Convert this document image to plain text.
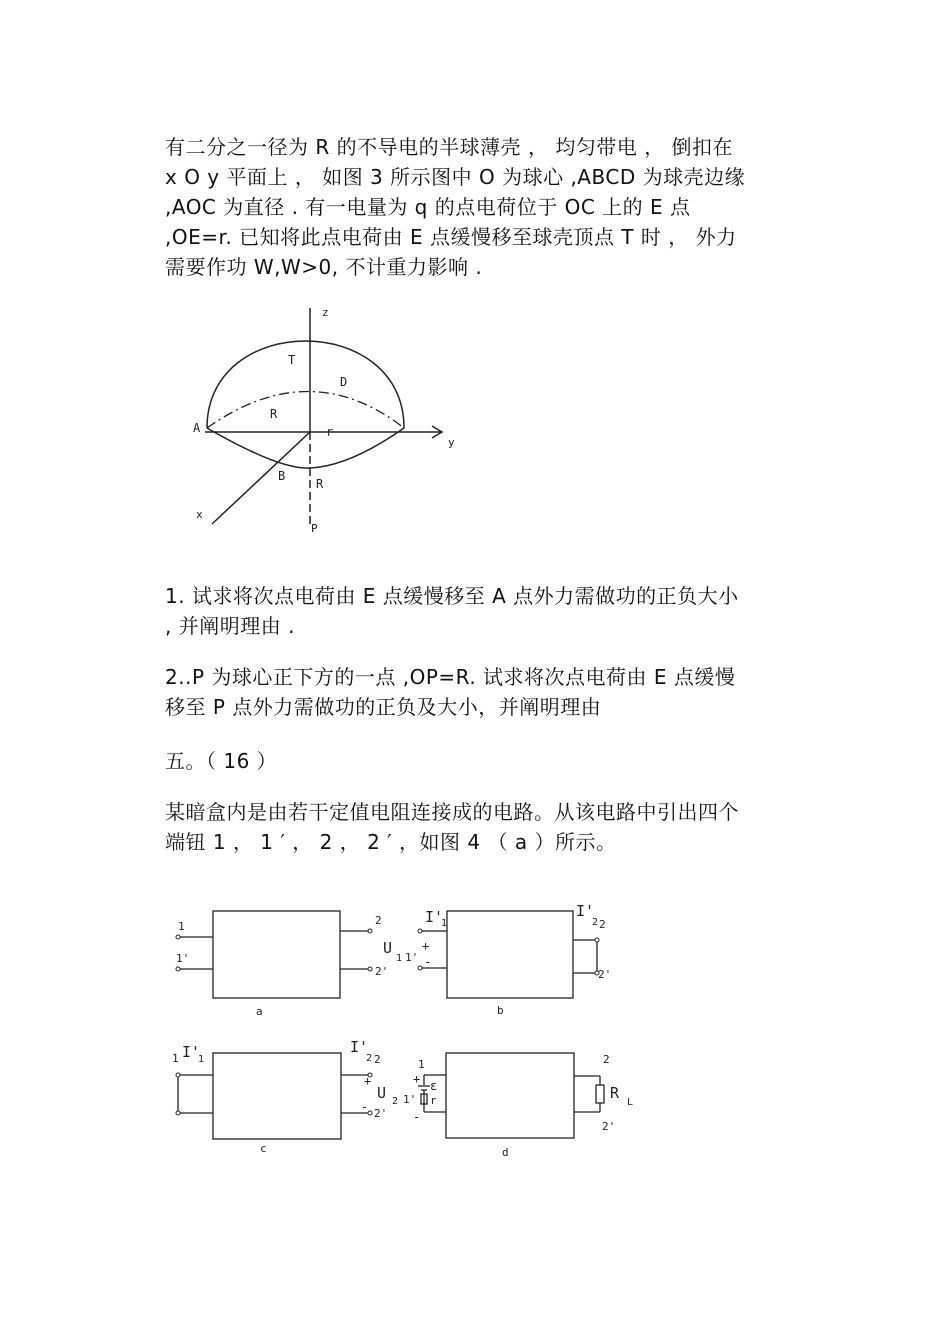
有二分之一径为 R 的不导电的半球薄壳 ， 均匀带电 ， 倒扣在
x O y 平面上 ， 如图 3 所示图中 O 为球心 ,ABCD 为球壳边缘
,AOC 为直径 . 有一电量为 q 的点电荷位于 OC 上的 E 点
,OE=r. 已知将此点电荷由 E 点缓慢移至球壳顶点 T 时 ， 外力
需要作功 W,W>0, 不计重力影响 .
z
T
D
R
A	r
y
B
R
x
P
1. 试求将次点电荷由 E 点缓慢移至 A 点外力需做功的正负大小
, 并阐明理由 .
2..P 为球心正下方的一点 ,OP=R. 试求将次点电荷由 E 点缓慢
移至 P 点外力需做功的正负及大小，并阐明理由
五。（ 16 ）
某暗盒内是由若干定值电阻连接成的电路。从该电路中引出四个
端钮 1 ， 1 ′ ， 2 ， 2 ′ ，如图 4 （ a ）所示。
1
1'
2
2'
a
U
1
I'
1
1'
+
-
I'
2 2
2'
b
1 I'
1
I'
2 2
+
U 2
- 2'
c
1
+ ε
1' r
-
2
R
L
2'
d
